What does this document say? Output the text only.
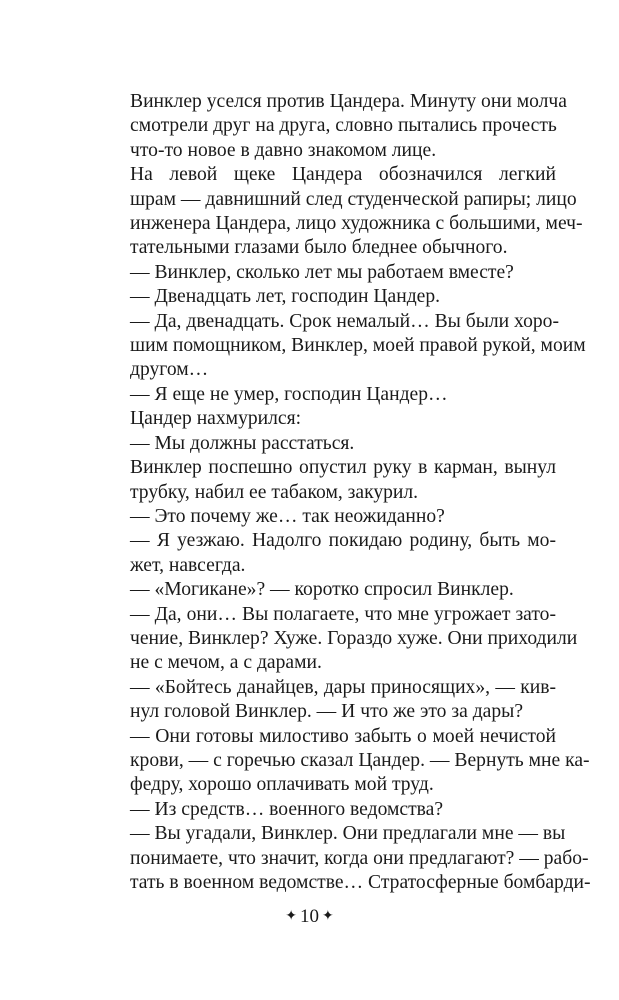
Винклер уселся против Цандера. Минуту они молча
смотрели друг на друга, словно пытались прочесть
что-то новое в давно знакомом лице.
На левой щеке Цандера обозначился легкий
шрам — давнишний след студенческой рапиры; лицо
инженера Цандера, лицо художника с большими, меч-
тательными глазами было бледнее обычного.
— Винклер, сколько лет мы работаем вместе?
— Двенадцать лет, господин Цандер.
— Да, двенадцать. Срок немалый… Вы были хоро-
шим помощником, Винклер, моей правой рукой, моим
другом…
— Я еще не умер, господин Цандер…
Цандер нахмурился:
— Мы должны расстаться.
Винклер поспешно опустил руку в карман, вынул
трубку, набил ее табаком, закурил.
— Это почему же… так неожиданно?
— Я уезжаю. Надолго покидаю родину, быть мо-
жет, навсегда.
— «Могикане»? — коротко спросил Винклер.
— Да, они… Вы полагаете, что мне угрожает зато-
чение, Винклер? Хуже. Гораздо хуже. Они приходили
не с мечом, а с дарами.
— «Бойтесь данайцев, дары приносящих», — кив-
нул головой Винклер. — И что же это за дары?
— Они готовы милостиво забыть о моей нечистой
крови, — с горечью сказал Цандер. — Вернуть мне ка-
федру, хорошо оплачивать мой труд.
— Из средств… военного ведомства?
— Вы угадали, Винклер. Они предлагали мне — вы
понимаете, что значит, когда они предлагают? — рабо-
тать в военном ведомстве… Стратосферные бомбарди-
✦ 10 ✦
